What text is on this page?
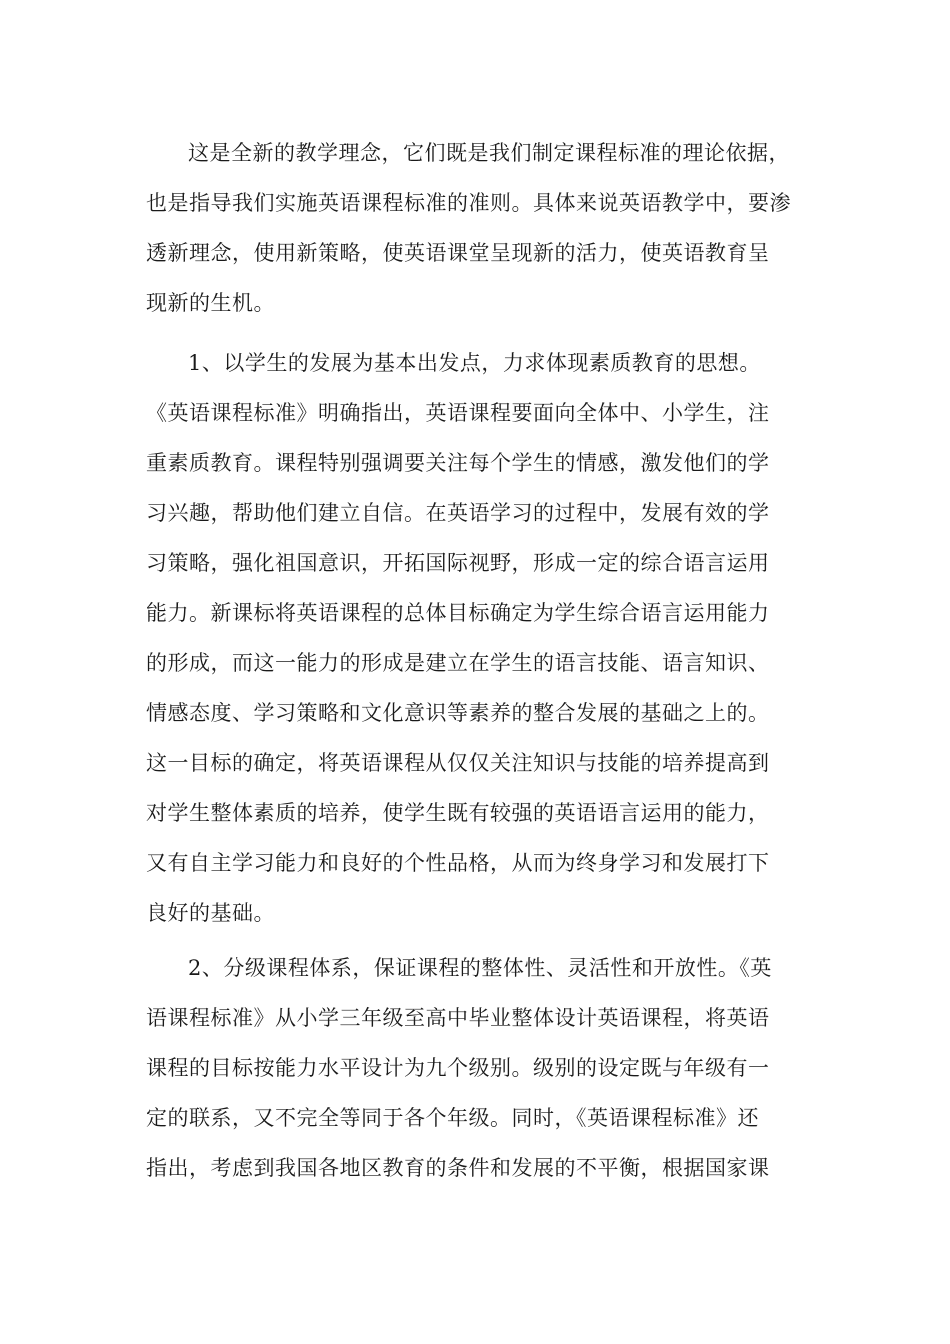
这是全新的教学理念，它们既是我们制定课程标准的理论依据，
也是指导我们实施英语课程标准的准则。具体来说英语教学中，要渗
透新理念，使用新策略，使英语课堂呈现新的活力，使英语教育呈
现新的生机。
1、以学生的发展为基本出发点，力求体现素质教育的思想。
《英语课程标准》明确指出，英语课程要面向全体中、小学生，注
重素质教育。课程特别强调要关注每个学生的情感，激发他们的学
习兴趣，帮助他们建立自信。在英语学习的过程中，发展有效的学
习策略，强化祖国意识，开拓国际视野，形成一定的综合语言运用
能力。新课标将英语课程的总体目标确定为学生综合语言运用能力
的形成，而这一能力的形成是建立在学生的语言技能、语言知识、
情感态度、学习策略和文化意识等素养的整合发展的基础之上的。
这一目标的确定，将英语课程从仅仅关注知识与技能的培养提高到
对学生整体素质的培养，使学生既有较强的英语语言运用的能力，
又有自主学习能力和良好的个性品格，从而为终身学习和发展打下
良好的基础。
2、分级课程体系，保证课程的整体性、灵活性和开放性。《英
语课程标准》从小学三年级至高中毕业整体设计英语课程，将英语
课程的目标按能力水平设计为九个级别。级别的设定既与年级有一
定的联系，又不完全等同于各个年级。同时，《英语课程标准》还
指出，考虑到我国各地区教育的条件和发展的不平衡，根据国家课
